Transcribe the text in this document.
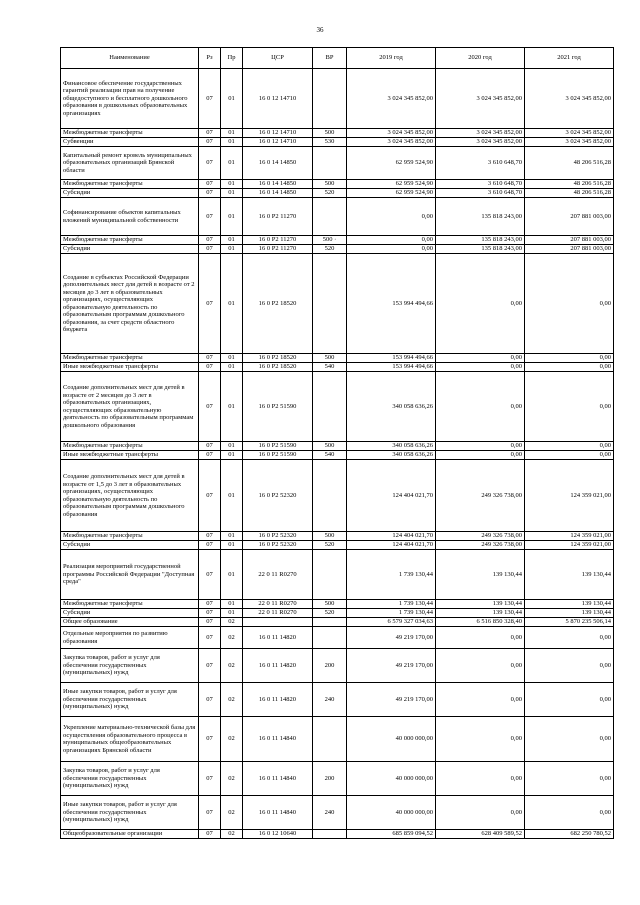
36
Наименование	Рз	Пр	ЦСР	ВР	2019 год	2020 год	2021 год
Финансовое обеспечение государственных гарантий реализации прав на получение общедоступного и бесплатного дошкольного образования в дошкольных образовательных организациях	07	01	16 0 12 14710		3 024 345 852,00	3 024 345 852,00	3 024 345 852,00
Межбюджетные трансферты	07	01	16 0 12 14710	500	3 024 345 852,00	3 024 345 852,00	3 024 345 852,00
Субвенции	07	01	16 0 12 14710	530	3 024 345 852,00	3 024 345 852,00	3 024 345 852,00
Капитальный ремонт кровель муниципальных образовательных организаций Брянской области	07	01	16 0 14 14850		62 959 524,90	3 610 648,70	48 206 516,28
Межбюджетные трансферты	07	01	16 0 14 14850	500	62 959 524,90	3 610 648,70	48 206 516,28
Субсидии	07	01	16 0 14 14850	520	62 959 524,90	3 610 648,70	48 206 516,28
Софинансирование объектов капитальных вложений муниципальной собственности	07	01	16 0 P2 11270		0,00	135 818 243,00	207 881 003,00
Межбюджетные трансферты	07	01	16 0 P2 11270	500 ·	0,00	135 818 243,00	207 881 003,00
Субсидии	07	01	16 0 P2 11270	520	0,00	135 818 243,00	207 881 003,00
Создание в субъектах Российской Федерации дополнительных мест для детей в возрасте от 2 месяцев до 3 лет в образовательных организациях, осуществляющих образовательную деятельность по образовательным программам дошкольного образования, за счет средств областного бюджета	07	01	16 0 P2 18520		153 994 494,66	0,00	0,00
Межбюджетные трансферты	07	01	16 0 P2 18520	500	153 994 494,66	0,00	0,00
Иные межбюджетные трансферты	07	01	16 0 P2 18520	540	153 994 494,66	0,00	0,00
Создание дополнительных мест для детей в возрасте от 2 месяцев до 3 лет в образовательных организациях, осуществляющих образовательную деятельность по образовательным программам дошкольного образования	07	01	16 0 P2 51590		340 058 636,26	0,00	0,00
Межбюджетные трансферты	07	01	16 0 P2 51590	500	340 058 636,26	0,00	0,00
Иные межбюджетные трансферты	07	01	16 0 P2 51590	540	340 058 636,26	0,00	0,00
Создание дополнительных мест для детей в возрасте от 1,5 до 3 лет в образовательных организациях, осуществляющих образовательную деятельность по образовательным программам дошкольного образования	07	01	16 0 P2 52320		124 404 021,70	249 326 738,00	124 359 021,00
Межбюджетные трансферты	07	01	16 0 P2 52320	500	124 404 021,70	249 326 738,00	124 359 021,00
Субсидии	07	01	16 0 P2 52320	520	124 404 021,70	249 326 738,00	124 359 021,00
Реализация мероприятий государственной программы Российской Федерации "Доступная среда"	07	01	22 0 11 R0270		1 739 130,44	139 130,44	139 130,44
Межбюджетные трансферты	07	01	22 0 11 R0270	500	1 739 130,44	139 130,44	139 130,44
Субсидии	07	01	22 0 11 R0270	520	1 739 130,44	139 130,44	139 130,44
Общее образование	07	02			6 579 327 034,63	6 516 850 328,40	5 870 235 506,14
Отдельные мероприятия по развитию образования	07	02	16 0 11 14820		49 219 170,00	0,00	0,00
Закупка товаров, работ и услуг для обеспечения государственных (муниципальных) нужд	07	02	16 0 11 14820	200	49 219 170,00	0,00	0,00
Иные закупки товаров, работ и услуг для обеспечения государственных (муниципальных) нужд	07	02	16 0 11 14820	240	49 219 170,00	0,00	0,00
Укрепление материально-технической базы для осуществления образовательного процесса в муниципальных общеобразовательных организациях Брянской области	07	02	16 0 11 14840		40 000 000,00	0,00	0,00
Закупка товаров, работ и услуг для обеспечения государственных (муниципальных) нужд	07	02	16 0 11 14840	200	40 000 000,00	0,00	0,00
Иные закупки товаров, работ и услуг для обеспечения государственных (муниципальных) нужд	07	02	16 0 11 14840	240	40 000 000,00	0,00	0,00
Общеобразовательные организации	07	02	16 0 12 10640		685 859 094,52	628 409 589,52	682 250 780,52
